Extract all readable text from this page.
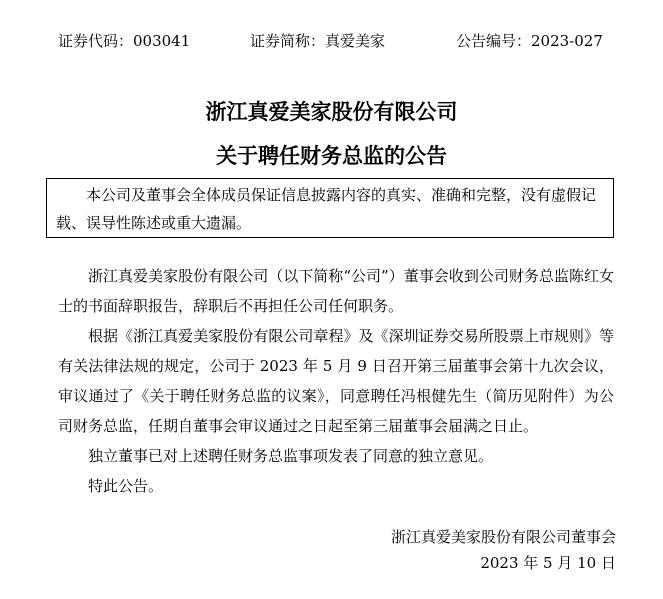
证券代码：003041	证券简称：真爱美家	公告编号：2023-027
浙江真爱美家股份有限公司
关于聘任财务总监的公告

本公司及董事会全体成员保证信息披露内容的真实、准确和完整，没有虚假记载、误导性陈述或重大遗漏。

浙江真爱美家股份有限公司（以下简称“公司”）董事会收到公司财务总监陈红女士的书面辞职报告，辞职后不再担任公司任何职务。

根据《浙江真爱美家股份有限公司章程》及《深圳证券交易所股票上市规则》等有关法律法规的规定，公司于 2023 年 5 月 9 日召开第三届董事会第十九次会议，审议通过了《关于聘任财务总监的议案》，同意聘任冯根健先生（简历见附件）为公司财务总监，任期自董事会审议通过之日起至第三届董事会届满之日止。

独立董事已对上述聘任财务总监事项发表了同意的独立意见。

特此公告。

浙江真爱美家股份有限公司董事会
2023 年 5 月 10 日
